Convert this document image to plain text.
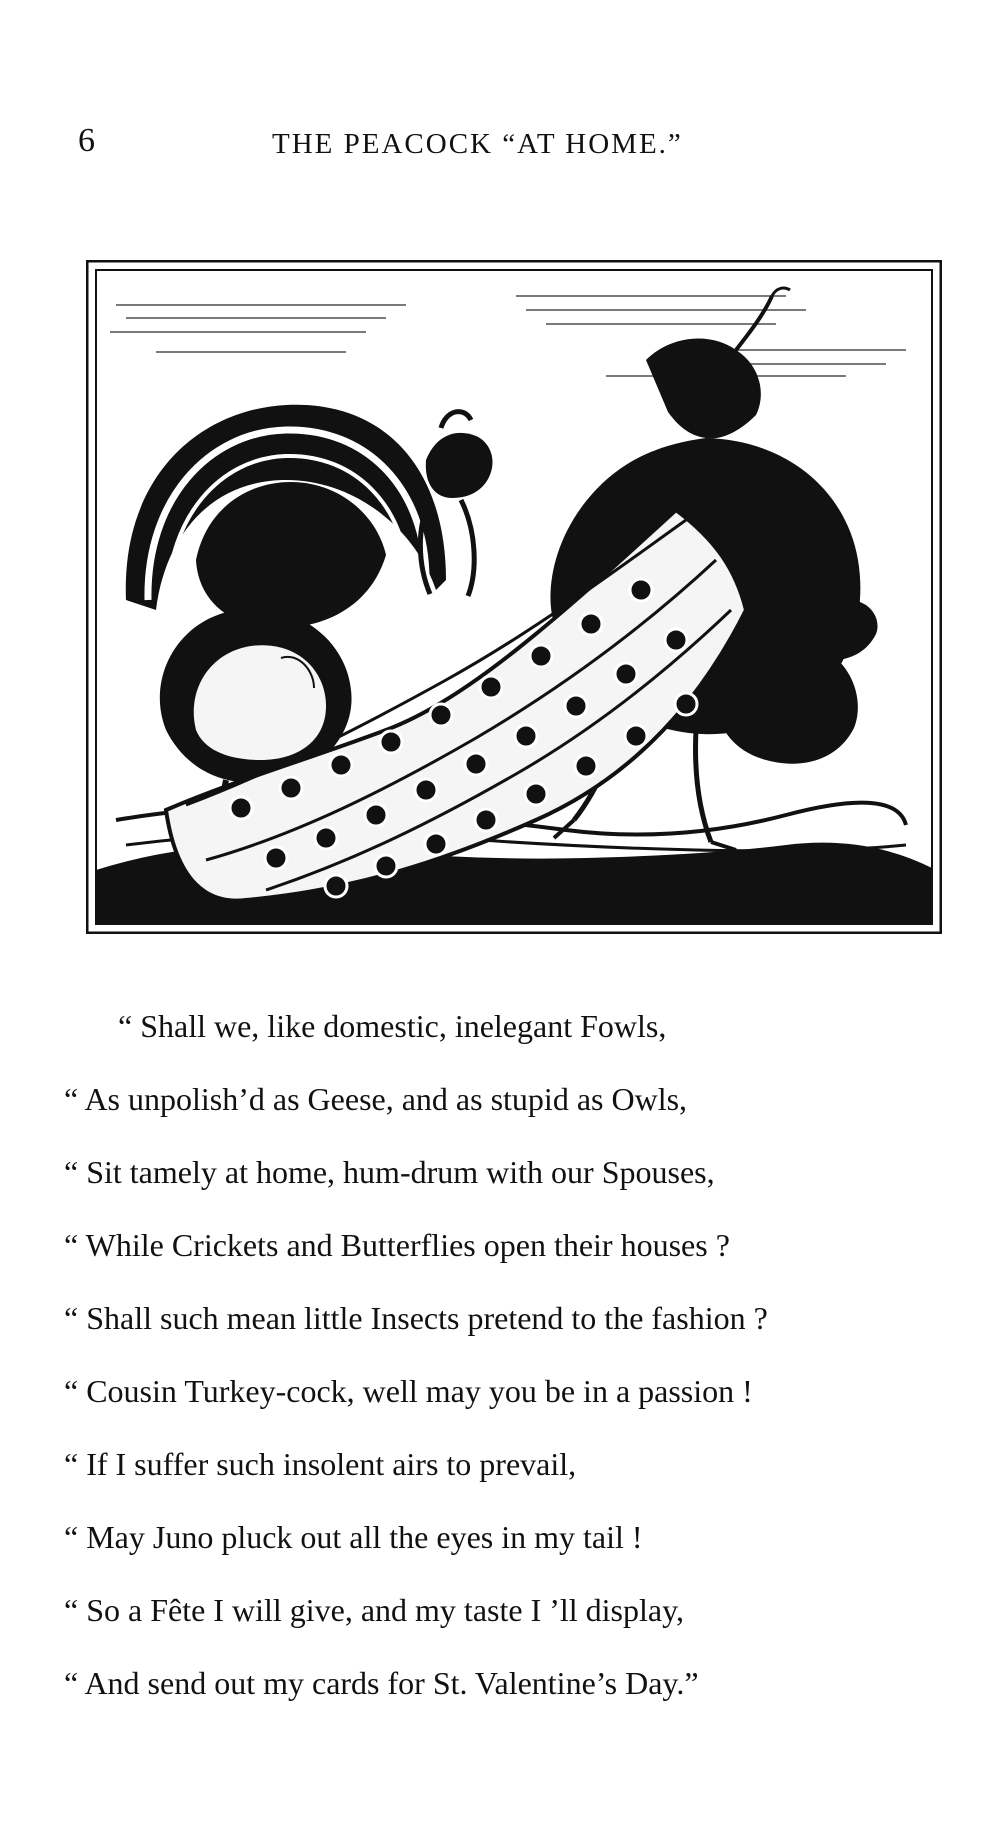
6	THE PEACOCK “AT HOME.”
“ Shall we, like domestic, inelegant Fowls,
“ As unpolish’d as Geese, and as stupid as Owls,
“ Sit tamely at home, hum-drum with our Spouses,
“ While Crickets and Butterflies open their houses ?
“ Shall such mean little Insects pretend to the fashion ?
“ Cousin Turkey-cock, well may you be in a passion !
“ If I suffer such insolent airs to prevail,
“ May Juno pluck out all the eyes in my tail !
“ So a Fête I will give, and my taste I ’ll display,
“ And send out my cards for St. Valentine’s Day.”
